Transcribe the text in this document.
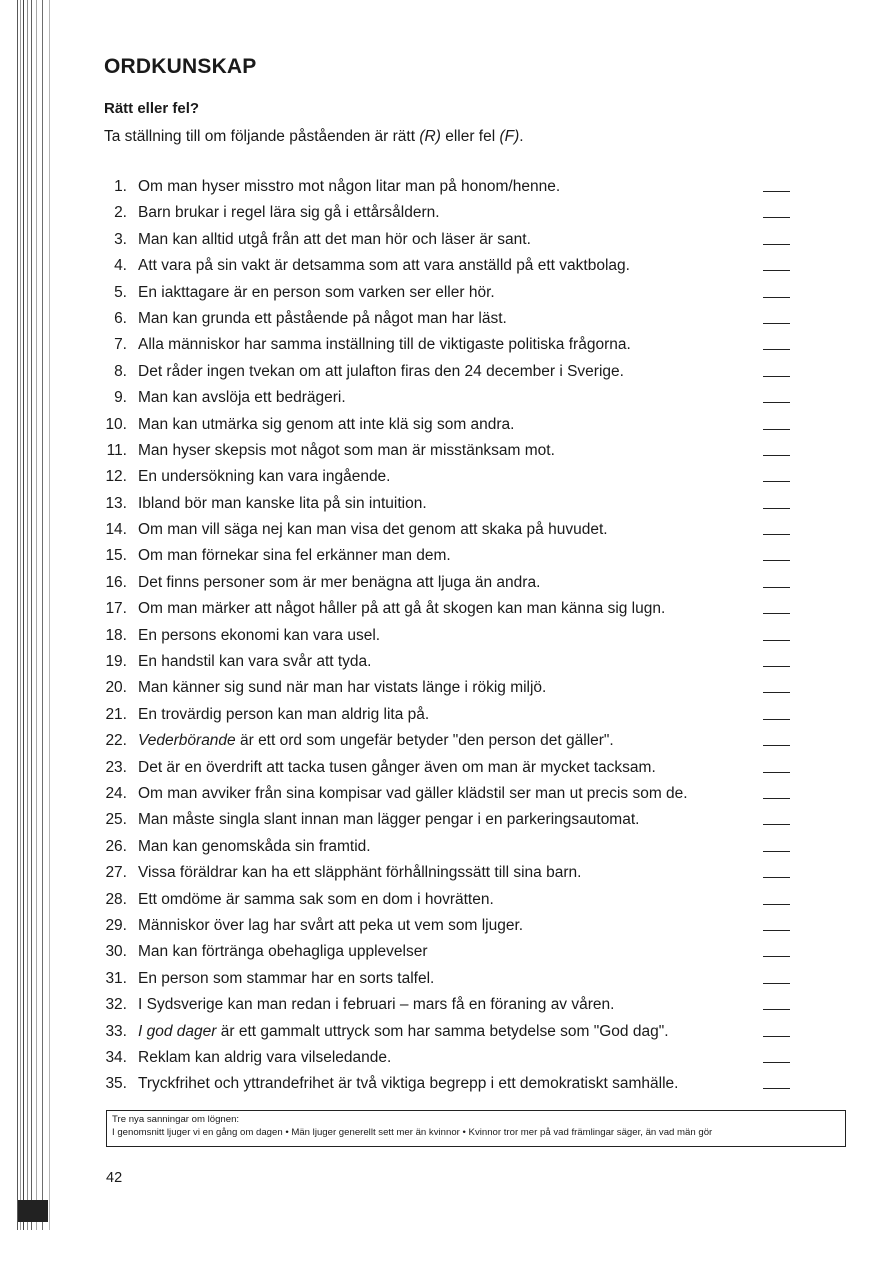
ORDKUNSKAP
Rätt eller fel?

Ta ställning till om följande påståenden är rätt (R) eller fel (F).

1. Om man hyser misstro mot någon litar man på honom/henne.
2. Barn brukar i regel lära sig gå i ettårsåldern.
3. Man kan alltid utgå från att det man hör och läser är sant.
4. Att vara på sin vakt är detsamma som att vara anställd på ett vaktbolag.
5. En iakttagare är en person som varken ser eller hör.
6. Man kan grunda ett påstående på något man har läst.
7. Alla människor har samma inställning till de viktigaste politiska frågorna.
8. Det råder ingen tvekan om att julafton firas den 24 december i Sverige.
9. Man kan avslöja ett bedrägeri.
10. Man kan utmärka sig genom att inte klä sig som andra.
11. Man hyser skepsis mot något som man är misstänksam mot.
12. En undersökning kan vara ingående.
13. Ibland bör man kanske lita på sin intuition.
14. Om man vill säga nej kan man visa det genom att skaka på huvudet.
15. Om man förnekar sina fel erkänner man dem.
16. Det finns personer som är mer benägna att ljuga än andra.
17. Om man märker att något håller på att gå åt skogen kan man känna sig lugn.
18. En persons ekonomi kan vara usel.
19. En handstil kan vara svår att tyda.
20. Man känner sig sund när man har vistats länge i rökig miljö.
21. En trovärdig person kan man aldrig lita på.
22. Vederbörande är ett ord som ungefär betyder "den person det gäller".
23. Det är en överdrift att tacka tusen gånger även om man är mycket tacksam.
24. Om man avviker från sina kompisar vad gäller klädstil ser man ut precis som de.
25. Man måste singla slant innan man lägger pengar i en parkeringsautomat.
26. Man kan genomskåda sin framtid.
27. Vissa föräldrar kan ha ett släpphänt förhållningssätt till sina barn.
28. Ett omdöme är samma sak som en dom i hovrätten.
29. Människor över lag har svårt att peka ut vem som ljuger.
30. Man kan förtränga obehagliga upplevelser
31. En person som stammar har en sorts talfel.
32. I Sydsverige kan man redan i februari – mars få en föraning av våren.
33. I god dager är ett gammalt uttryck som har samma betydelse som "God dag".
34. Reklam kan aldrig vara vilseledande.
35. Tryckfrihet och yttrandefrihet är två viktiga begrepp i ett demokratiskt samhälle.
Tre nya sanningar om lögnen:
I genomsnitt ljuger vi en gång om dagen • Män ljuger generellt sett mer än kvinnor • Kvinnor tror mer på vad främlingar säger, än vad män gör

42
